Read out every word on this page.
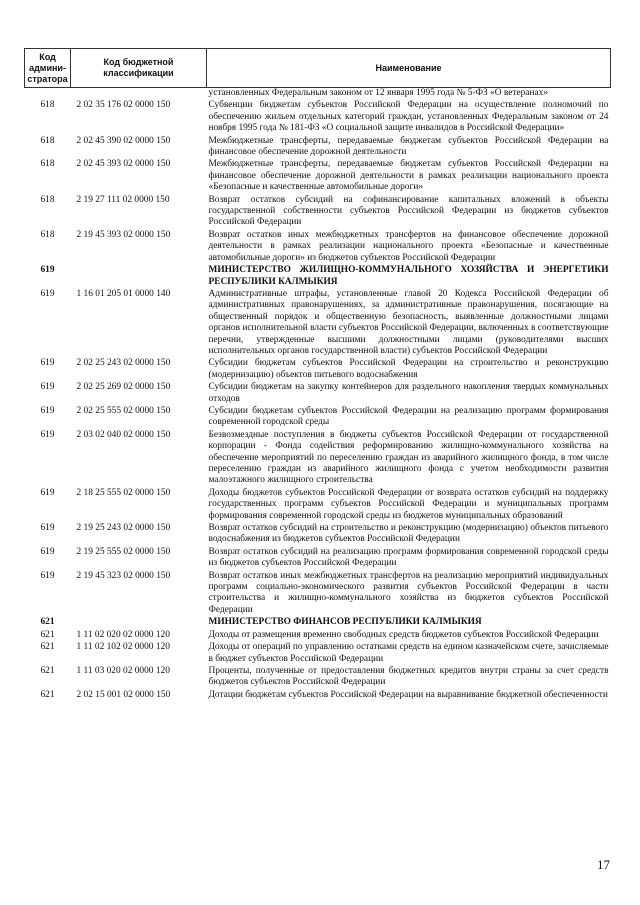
Код админи- стратора	Код бюджетной классификации	Наименование
		установленных Федеральным законом от 12 января 1995 года № 5-ФЗ «О ветеранах»
618	2 02 35 176 02 0000 150	Субвенции бюджетам субъектов Российской Федерации на осуществление полномочий по обеспечению жильем отдельных категорий граждан, установленных Федеральным законом от 24 ноября 1995 года № 181-ФЗ «О социальной защите инвалидов в Российской Федерации»
618	2 02 45 390 02 0000 150	Межбюджетные трансферты, передаваемые бюджетам субъектов Российской Федерации на финансовое обеспечение дорожной деятельности
618	2 02 45 393 02 0000 150	Межбюджетные трансферты, передаваемые бюджетам субъектов Российской Федерации на финансовое обеспечение дорожной деятельности в рамках реализации национального проекта «Безопасные и качественные автомобильные дороги»
618	2 19 27 111 02 0000 150	Возврат остатков субсидий на софинансирование капитальных вложений в объекты государственной собственности субъектов Российской Федерации из бюджетов субъектов Российской Федерации
618	2 19 45 393 02 0000 150	Возврат остатков иных межбюджетных трансфертов на финансовое обеспечение дорожной деятельности в рамках реализации национального проекта «Безопасные и качественные автомобильные дороги» из бюджетов субъектов Российской Федерации
619		МИНИСТЕРСТВО ЖИЛИЩНО-КОММУНАЛЬНОГО ХОЗЯЙСТВА И ЭНЕРГЕТИКИ РЕСПУБЛИКИ КАЛМЫКИЯ
619	1 16 01 205 01 0000 140	Административные штрафы, установленные главой 20 Кодекса Российской Федерации об административных правонарушениях, за административные правонарушения, посягающие на общественный порядок и общественную безопасность, выявленные должностными лицами органов исполнительной власти субъектов Российской Федерации, включенных в соответствующие перечни, утвержденные высшими должностными лицами (руководителями высших исполнительных органов государственной власти) субъектов Российской Федерации
619	2 02 25 243 02 0000 150	Субсидии бюджетам субъектов Российской Федерации на строительство и реконструкцию (модернизацию) объектов питьевого водоснабжения
619	2 02 25 269 02 0000 150	Субсидии бюджетам на закупку контейнеров для раздельного накопления твердых коммунальных отходов
619	2 02 25 555 02 0000 150	Субсидии бюджетам субъектов Российской Федерации на реализацию программ формирования современной городской среды
619	2 03 02 040 02 0000 150	Безвозмездные поступления в бюджеты субъектов Российской Федерации от государственной корпорации - Фонда содействия реформированию жилищно-коммунального хозяйства на обеспечение мероприятий по переселению граждан из аварийного жилищного фонда, в том числе переселению граждан из аварийного жилищного фонда с учетом необходимости развития малоэтажного жилищного строительства
619	2 18 25 555 02 0000 150	Доходы бюджетов субъектов Российской Федерации от возврата остатков субсидий на поддержку государственных программ субъектов Российской Федерации и муниципальных программ формирования современной городской среды из бюджетов муниципальных образований
619	2 19 25 243 02 0000 150	Возврат остатков субсидий на строительство и реконструкцию (модернизацию) объектов питьевого водоснабжения из бюджетов субъектов Российской Федерации
619	2 19 25 555 02 0000 150	Возврат остатков субсидий на реализацию программ формирования современной городской среды из бюджетов субъектов Российской Федерации
619	2 19 45 323 02 0000 150	Возврат остатков иных межбюджетных трансфертов на реализацию мероприятий индивидуальных программ социально-экономического развития субъектов Российской Федерации в части строительства и жилищно-коммунального хозяйства из бюджетов субъектов Российской Федерации
621		МИНИСТЕРСТВО ФИНАНСОВ РЕСПУБЛИКИ КАЛМЫКИЯ
621	1 11 02 020 02 0000 120	Доходы от размещения временно свободных средств бюджетов субъектов Российской Федерации
621	1 11 02 102 02 0000 120	Доходы от операций по управлению остатками средств на едином казначейском счете, зачисляемые в бюджет субъектов Российской Федерации
621	1 11 03 020 02 0000 120	Проценты, полученные от предоставления бюджетных кредитов внутри страны за счет средств бюджетов субъектов Российской Федерации
621	2 02 15 001 02 0000 150	Дотации бюджетам субъектов Российской Федерации на выравнивание бюджетной обеспеченности
17
